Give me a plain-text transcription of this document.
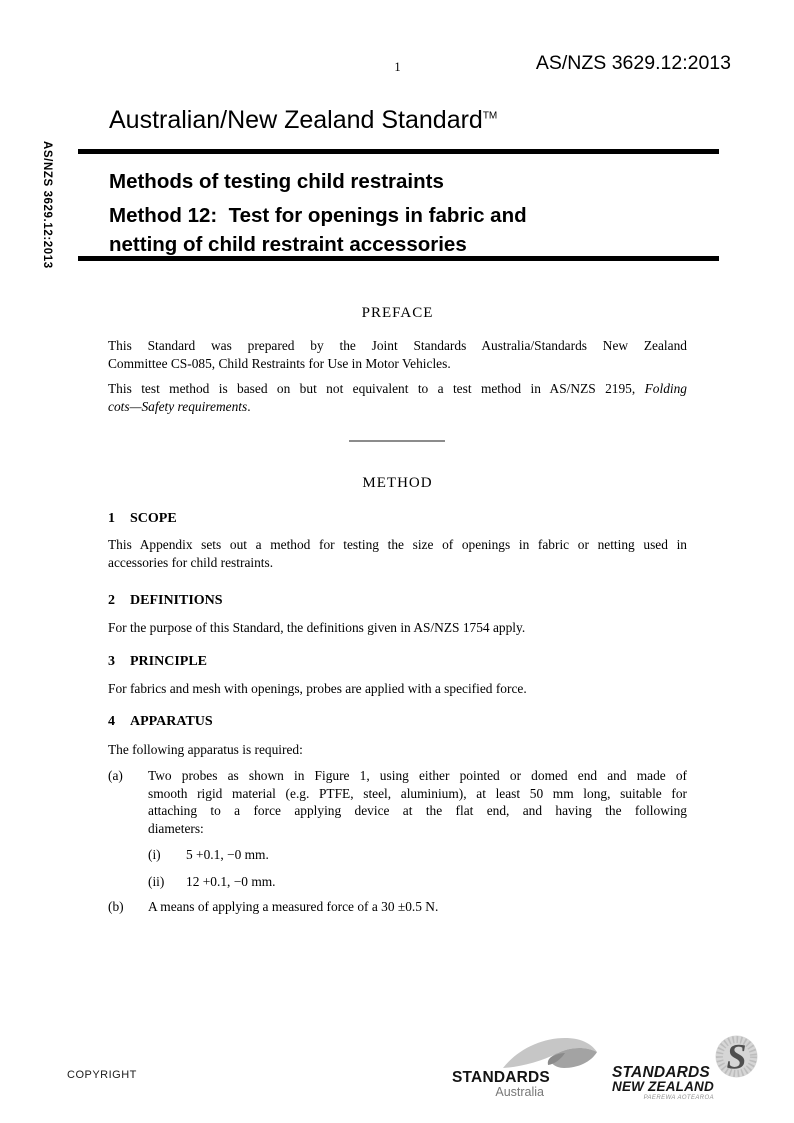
1	AS/NZS 3629.12:2013
AS/NZS 3629.12:2013
Australian/New Zealand Standard™
Methods of testing child restraints
Method 12:  Test for openings in fabric and
netting of child restraint accessories
PREFACE
This Standard was prepared by the Joint Standards Australia/Standards New Zealand
Committee CS-085, Child Restraints for Use in Motor Vehicles.
This test method is based on but not equivalent to a test method in AS/NZS 2195, Folding
cots—Safety requirements.
METHOD
1 SCOPE
This Appendix sets out a method for testing the size of openings in fabric or netting used in
accessories for child restraints.
2 DEFINITIONS
For the purpose of this Standard, the definitions given in AS/NZS 1754 apply.
3 PRINCIPLE
For fabrics and mesh with openings, probes are applied with a specified force.
4 APPARATUS
The following apparatus is required:
(a)	Two probes as shown in Figure 1, using either pointed or domed end and made of
smooth rigid material (e.g. PTFE, steel, aluminium), at least 50 mm long, suitable for
attaching to a force applying device at the flat end, and having the following
diameters:
(i)	5 +0.1, −0 mm.
(ii)	12 +0.1, −0 mm.
(b)	A means of applying a measured force of a 30 ±0.5 N.
COPYRIGHT	STANDARDS
Australia
STANDARDS
NEW ZEALAND
PAEREWA AOTEAROA
S
